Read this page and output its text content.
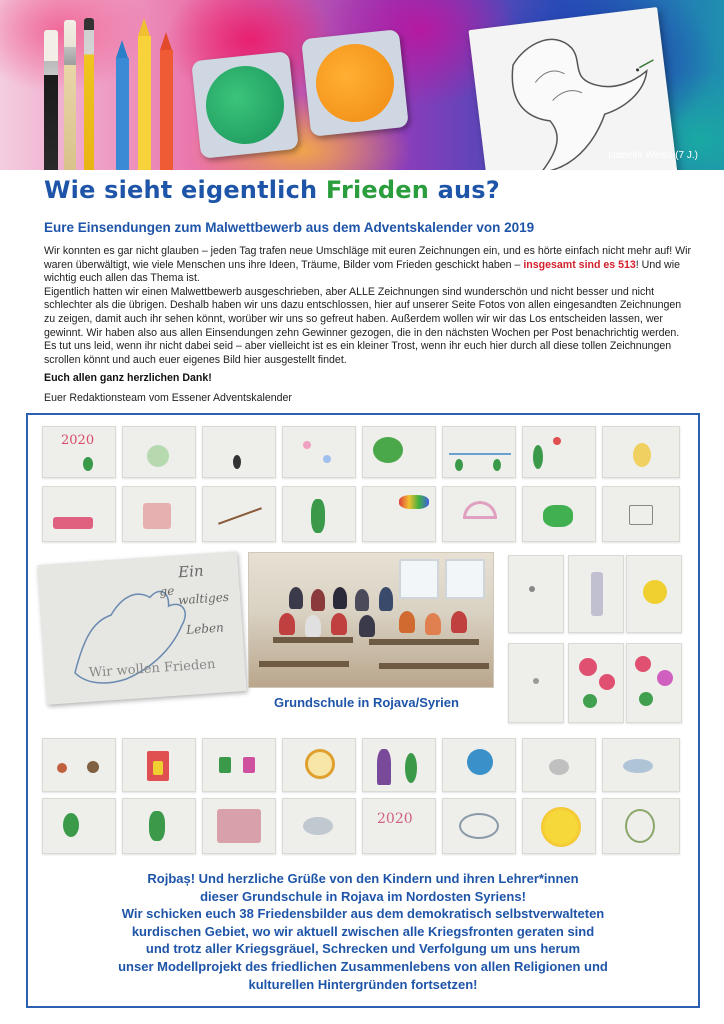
Isabelle Weiss (7 J.)
Wie sieht eigentlich Frieden aus?
Eure Einsendungen zum Malwettbewerb aus dem Adventskalender von 2019

Wir konnten es gar nicht glauben – jeden Tag trafen neue Umschläge mit euren Zeichnungen ein, und es hörte einfach nicht mehr auf! Wir waren überwältigt, wie viele Menschen uns ihre Ideen, Träume, Bilder vom Frieden geschickt haben – insgesamt sind es 513! Und wie wichtig euch allen das Thema ist.

Eigentlich hatten wir einen Malwettbewerb ausgeschrieben, aber ALLE Zeichnungen sind wunderschön und nicht besser und nicht schlechter als die übrigen. Deshalb haben wir uns dazu entschlossen, hier auf unserer Seite Fotos von allen eingesandten Zeichnungen zu zeigen, damit auch ihr sehen könnt, worüber wir uns so gefreut haben. Außerdem wollen wir wir das Los entscheiden lassen, wer gewinnt. Wir haben also aus allen Einsendungen zehn Gewinner gezogen, die in den nächsten Wochen per Post benachrichtig werden. Es tut uns leid, wenn ihr nicht dabei seid – aber vielleicht ist es ein kleiner Trost, wenn ihr euch hier durch all diese tollen Zeichnungen scrollen könnt und auch euer eigenes Bild hier ausgestellt findet.

Euch allen ganz herzlichen Dank!
Euer Redaktionsteam vom Essener Adventskalender
2020
Ein
ge waltiges
Leben
Wir wollen Frieden
Grundschule in Rojava/Syrien
2020
Rojbaș! Und herzliche Grüße von den Kindern und ihren Lehrer*innen
dieser Grundschule in Rojava im Nordosten Syriens!
Wir schicken euch 38 Friedensbilder aus dem demokratisch selbstverwalteten
kurdischen Gebiet, wo wir aktuell zwischen alle Kriegsfronten geraten sind
und trotz aller Kriegsgräuel, Schrecken und Verfolgung um uns herum
unser Modellprojekt des friedlichen Zusammenlebens von allen Religionen und
kulturellen Hintergründen fortsetzen!
